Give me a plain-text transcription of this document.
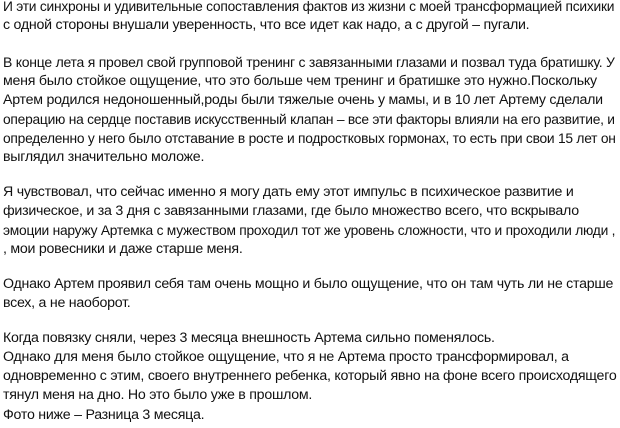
И эти синхроны и удивительные сопоставления фактов из жизни с моей трансформацией психики
с одной стороны внушали уверенность, что все идет как надо, а с другой – пугали.
В конце лета я провел свой групповой тренинг с завязанными глазами и позвал туда братишку. У
меня было стойкое ощущение, что это больше чем тренинг и братишке это нужно.Поскольку
Артем родился недоношенный,роды были тяжелые очень у мамы, и в 10 лет Артему сделали
операцию на сердце поставив искусственный клапан – все эти факторы влияли на его развитие, и
определенно у него было отставание в росте и подростковых гормонах, то есть при свои 15 лет он
выглядил значительно моложе.
Я чувствовал, что сейчас именно я могу дать ему этот импульс в психическое развитие и
физическое, и за 3 дня с завязанными глазами, где было множество всего, что вскрывало
эмоции наружу Артемка с мужеством проходил тот же уровень сложности, что и проходили люди ,
, мои ровесники и даже старше меня.
Однако Артем проявил себя там очень мощно и было ощущение, что он там чуть ли не старше
всех, а не наоборот.
Когда повязку сняли, через 3 месяца внешность Артема сильно поменялось.
Однако для меня было стойкое ощущение, что я не Артема просто трансформировал, а
одновременно с этим, своего внутреннего ребенка, который явно на фоне всего происходящего
тянул меня на дно. Но это было уже в прошлом.
Фото ниже – Разница 3 месяца.
